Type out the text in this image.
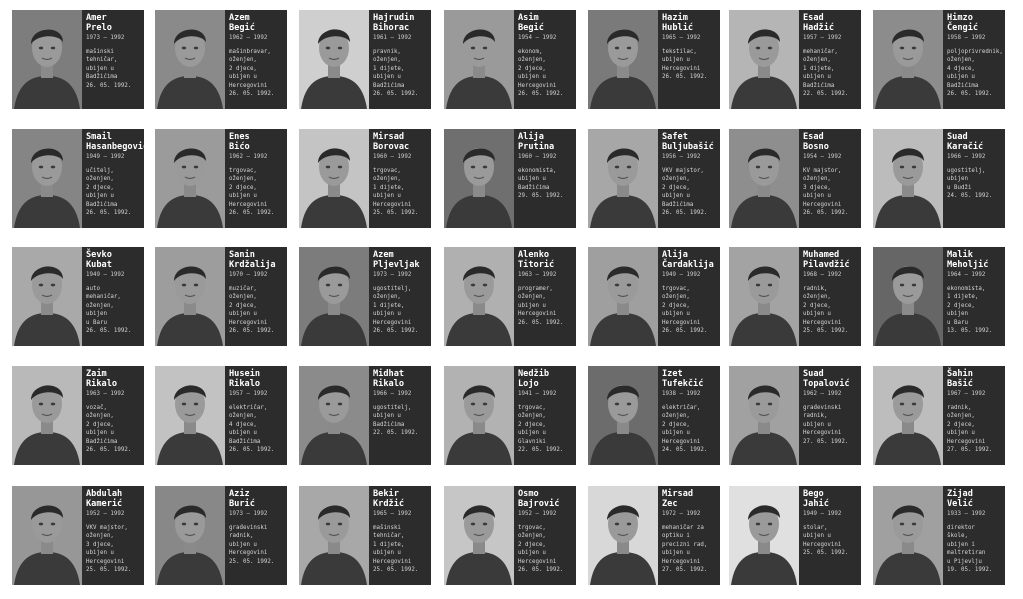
Amer
Prelo
1973 – 1992
mašinski
tehničar,
ubijen u
Badžićima
26. 05. 1992.
Azem
Begić
1962 – 1992
mašinbravar,
oženjen,
2 djece,
ubijen u
Hercegovini
26. 05. 1992.
Hajrudin
Bihorac
1961 – 1992
pravnik,
oženjen,
1 dijete,
ubijen u
Badžićima
26. 05. 1992.
Asim
Begić
1954 – 1992
ekonom,
oženjen,
2 djece,
ubijen u
Hercegovini
26. 05. 1992.
Hazim
Hublić
1965 – 1992
tekstilac,
ubijen u
Hercegovini
26. 05. 1992.
Esad
Hadžić
1957 – 1992
mehaničar,
oženjen,
1 dijete,
ubijen u
Badžićima
22. 05. 1992.
Himzo
Čengić
1958 – 1992
poljoprivrednik,
oženjen,
4 djece,
ubijen u
Badžićima
26. 05. 1992.
Smail
Hasanbegović
1949 – 1992
učitelj,
oženjen,
2 djece,
ubijen u
Badžićima
26. 05. 1992.
Enes
Bićo
1962 – 1992
trgovac,
oženjen,
2 djece,
ubijen u
Hercegovini
26. 05. 1992.
Mirsad
Borovac
1960 – 1992
trgovac,
oženjen,
1 dijete,
ubijen u
Hercegovini
25. 05. 1992.
Alija
Prutina
1960 – 1992
ekonomista,
ubijen u
Badžićima
29. 05. 1992.
Safet
Buljubašić
1956 – 1992
VKV majstor,
oženjen,
2 djece,
ubijen u
Badžićima
26. 05. 1992.
Esad
Bosno
1954 – 1992
KV majstor,
oženjen,
3 djece,
ubijen u
Hercegovini
26. 05. 1992.
Suad
Karačić
1966 – 1992
ugostitelj,
ubijen
u Budži
24. 05. 1992.
Ševko
Kubat
1949 – 1992
auto
mehaničar,
oženjen,
ubijen
u Baru
26. 05. 1992.
Sanin
Krdžalija
1970 – 1992
muzičar,
oženjen,
2 djece,
ubijen u
Hercegovini
26. 05. 1992.
Azem
Pljevljak
1973 – 1992
ugostitelj,
oženjen,
1 dijete,
ubijen u
Hercegovini
26. 05. 1992.
Alenko
Titorić
1963 – 1992
programer,
oženjen,
ubijen u
Hercegovini
26. 05. 1992.
Alija
Čardaklija
1949 – 1992
trgovac,
oženjen,
2 djece,
ubijen u
Hercegovini
26. 05. 1992.
Muhamed
Pilavdžić
1968 – 1992
radnik,
oženjen,
2 djece,
ubijen u
Hercegovini
25. 05. 1992.
Malik
Meholjić
1964 – 1992
ekonomista,
1 dijete,
2 djece,
ubijen
u Baru
13. 05. 1992.
Zaim
Rikalo
1963 – 1992
vozač,
oženjen,
2 djece,
ubijen u
Badžićima
26. 05. 1992.
Husein
Rikalo
1957 – 1992
električar,
oženjen,
4 djece,
ubijen u
Badžićima
26. 05. 1992.
Midhat
Rikalo
1966 – 1992
ugostitelj,
ubijen u
Badžićima
22. 05. 1992.
Nedžib
Lojo
1941 – 1992
trgovac,
oženjen,
2 djece,
ubijen u
Glavniki
22. 05. 1992.
Izet
Tufekčić
1938 – 1992
električar,
oženjen,
2 djece,
ubijen u
Hercegovini
24. 05. 1992.
Suad
Topalović
1962 – 1992
građevinski
radnik,
ubijen u
Hercegovini
27. 05. 1992.
Šahin
Bašić
1967 – 1992
radnik,
oženjen,
2 djece,
ubijen u
Hercegovini
27. 05. 1992.
Abdulah
Kamerić
1952 – 1992
VKV majstor,
oženjen,
3 djece,
ubijen u
Hercegovini
25. 05. 1992.
Aziz
Burić
1973 – 1992
građevinski
radnik,
ubijen u
Hercegovini
25. 05. 1992.
Bekir
Krdžić
1965 – 1992
mašinski
tehničar,
1 dijete,
ubijen u
Hercegovini
25. 05. 1992.
Osmo
Bajrović
1952 – 1992
trgovac,
oženjen,
2 djece,
ubijen u
Hercegovini
26. 05. 1992.
Mirsad
Zec
1972 – 1992
mehaničar za
optiku i
precizni rad,
ubijen u
Hercegovini
27. 05. 1992.
Bego
Jahić
1949 – 1992
stolar,
ubijen u
Hercegovini
25. 05. 1992.
Zijad
Velić
1933 – 1992
direktor
škole,
ubijen i
maltretiran
u Pijevlju
19. 05. 1992.
